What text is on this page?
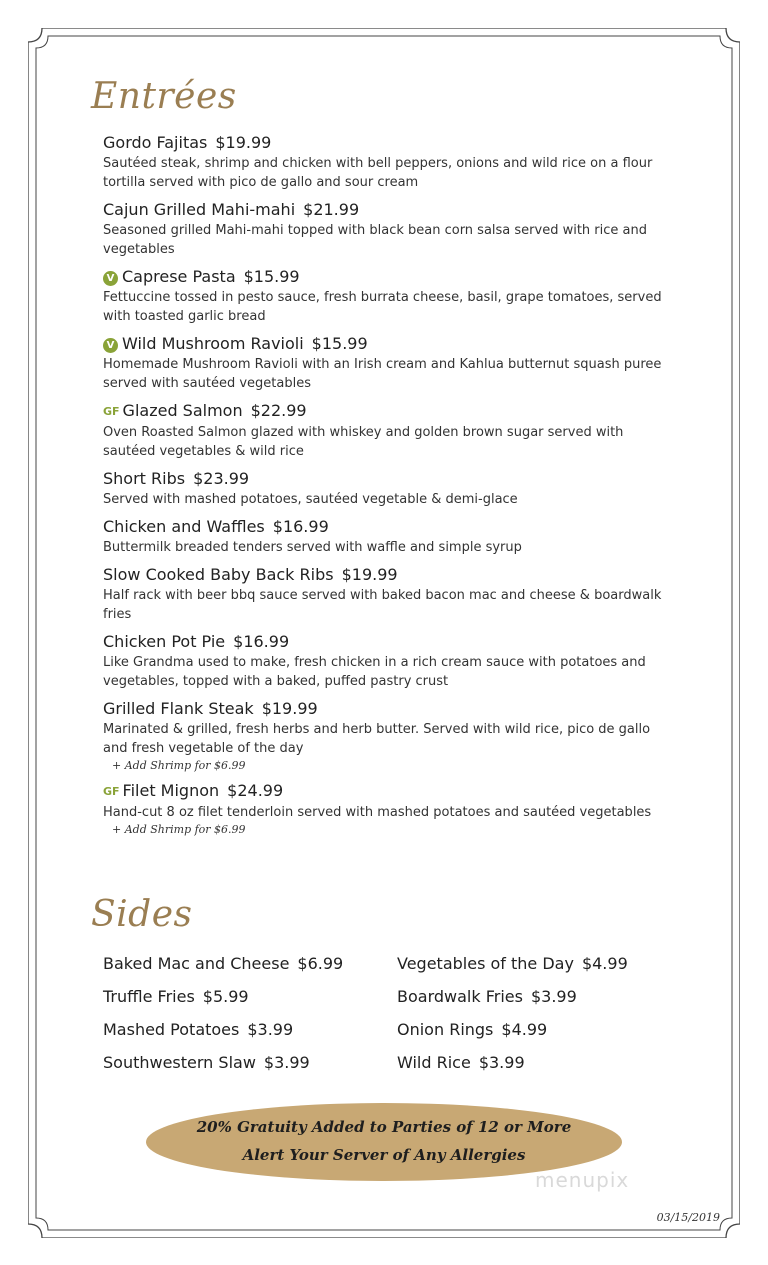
Entrées
Gordo Fajitas $19.99
Sautéed steak, shrimp and chicken with bell peppers, onions and wild rice on a flour tortilla served with pico de gallo and sour cream
Cajun Grilled Mahi-mahi $21.99
Seasoned grilled Mahi-mahi topped with black bean corn salsa served with rice and vegetables
V Caprese Pasta $15.99
Fettuccine tossed in pesto sauce, fresh burrata cheese, basil, grape tomatoes, served with toasted garlic bread
V Wild Mushroom Ravioli $15.99
Homemade Mushroom Ravioli with an Irish cream and Kahlua butternut squash puree served with sautéed vegetables
GF Glazed Salmon $22.99
Oven Roasted Salmon glazed with whiskey and golden brown sugar served with sautéed vegetables & wild rice
Short Ribs $23.99
Served with mashed potatoes, sautéed vegetable & demi-glace
Chicken and Waffles $16.99
Buttermilk breaded tenders served with waffle and simple syrup
Slow Cooked Baby Back Ribs $19.99
Half rack with beer bbq sauce served with baked bacon mac and cheese & boardwalk fries
Chicken Pot Pie $16.99
Like Grandma used to make, fresh chicken in a rich cream sauce with potatoes and vegetables, topped with a baked, puffed pastry crust
Grilled Flank Steak $19.99
Marinated & grilled, fresh herbs and herb butter. Served with wild rice, pico de gallo and fresh vegetable of the day
+ Add Shrimp for $6.99
GF Filet Mignon $24.99
Hand-cut 8 oz filet tenderloin served with mashed potatoes and sautéed vegetables
+ Add Shrimp for $6.99
Sides
Baked Mac and Cheese $6.99
Truffle Fries $5.99
Mashed Potatoes $3.99
Southwestern Slaw $3.99
Vegetables of the Day $4.99
Boardwalk Fries $3.99
Onion Rings $4.99
Wild Rice $3.99
20% Gratuity Added to Parties of 12 or More
Alert Your Server of Any Allergies
menupix
03/15/2019
